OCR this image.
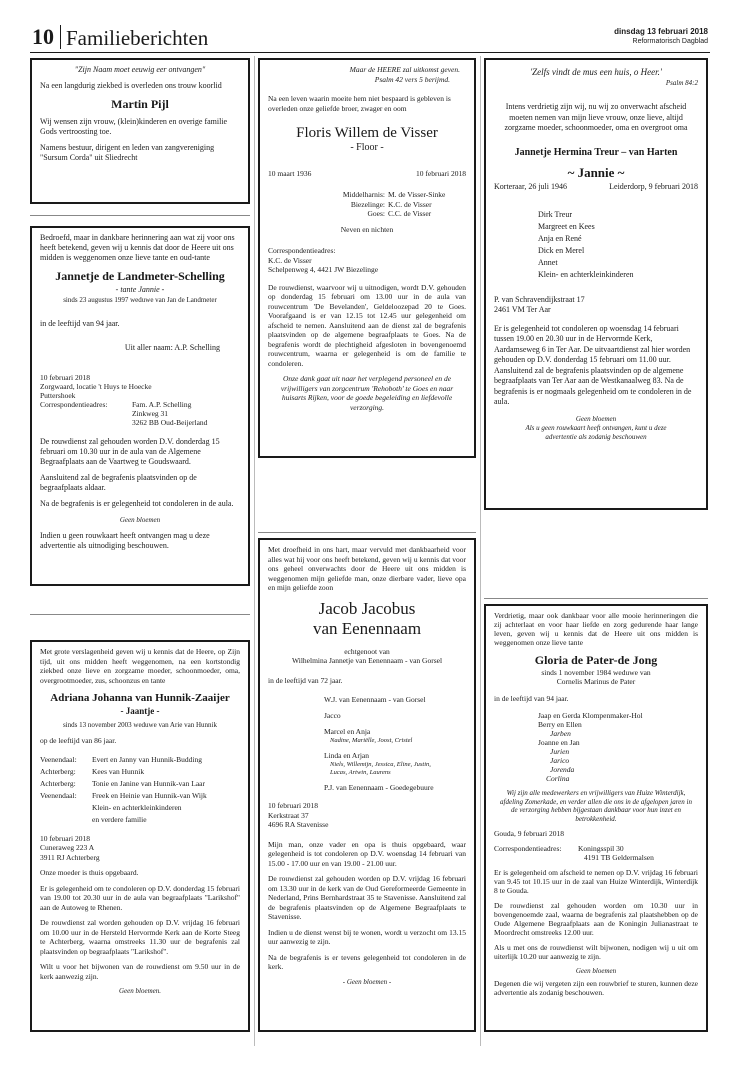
10 Familieberichten	dinsdag 13 februari 2018
Reformatorisch Dagblad

"Zijn Naam moet eeuwig eer ontvangen"

Na een langdurig ziekbed is overleden ons trouw koorlid

Martin Pijl

Wij wensen zijn vrouw, (klein)kinderen en overige familie Gods vertroosting toe.

Namens bestuur, dirigent en leden van zangvereniging "Sursum Corda" uit Sliedrecht

Bedroefd, maar in dankbare herinnering aan wat zij voor ons heeft betekend, geven wij u kennis dat door de Heere uit ons midden is weggenomen onze lieve tante en oud-tante

Jannetje de Landmeter-Schelling
- tante Jannie -

sinds 23 augustus 1997 weduwe van Jan de Landmeter

in de leeftijd van 94 jaar.

Uit aller naam: A.P. Schelling

10 februari 2018
Zorgwaard, locatie 't Huys te Hoecke
Puttershoek
Correspondentieadres:	Fam. A.P. Schelling
Zinkweg 31
3262 BB Oud-Beijerland

De rouwdienst zal gehouden worden D.V. donderdag 15 februari om 10.30 uur in de aula van de Algemene Begraafplaats aan de Vaartweg te Goudswaard.

Aansluitend zal de begrafenis plaatsvinden op de begraafplaats aldaar.

Na de begrafenis is er gelegenheid tot condoleren in de aula.

Geen bloemen

Indien u geen rouwkaart heeft ontvangen mag u deze advertentie als uitnodiging beschouwen.

Maar de HEERE zal uitkomst geven.
Psalm 42 vers 5 berijmd.

Na een leven waarin moeite hem niet bespaard is gebleven is overleden onze geliefde broer, zwager en oom

Floris Willem de Visser
- Floor -
10 maart 1936	10 februari 2018
Middelharnis: M. de Visser-Sinke
Biezelinge: K.C. de Visser
Goes: C.C. de Visser

Neven en nichten

Correspondentieadres:
K.C. de Visser
Schelpenweg 4, 4421 JW Biezelinge

De rouwdienst, waarvoor wij u uitnodigen, wordt D.V. gehouden op donderdag 15 februari om 13.00 uur in de aula van rouwcentrum 'De Bevelanden', Geldeloozepad 20 te Goes. Voorafgaand is er van 12.15 tot 12.45 uur gelegenheid om afscheid te nemen. Aansluitend aan de dienst zal de begrafenis plaatsvinden op de algemene begraafplaats te Goes. Na de begrafenis wordt de plechtigheid afgesloten in bovengenoemd rouwcentrum, waarna er gelegenheid is om de familie te condoleren.

Onze dank gaat uit naar het verplegend personeel en de vrijwilligers van zorgcentrum 'Rehoboth' te Goes en naar huisarts Rijken, voor de goede begeleiding en liefdevolle verzorging.

'Zelfs vindt de mus een huis, o Heer.'
Psalm 84:2

Intens verdrietig zijn wij, nu wij zo onverwacht afscheid moeten nemen van mijn lieve vrouw, onze lieve, altijd zorgzame moeder, schoonmoeder, oma en overgroot oma

Jannetje Hermina Treur – van Harten
~ Jannie ~
Korteraar, 26 juli 1946	Leiderdorp, 9 februari 2018
Dirk Treur
Margreet en Kees
Anja en René
Dick en Merel
Annet
Klein- en achterkleinkinderen
P. van Schravendijkstraat 17
2461 VM Ter Aar

Er is gelegenheid tot condoleren op woensdag 14 februari tussen 19.00 en 20.30 uur in de Hervormde Kerk, Aardamseweg 6 in Ter Aar. De uitvaartdienst zal hier worden gehouden op D.V. donderdag 15 februari om 11.00 uur. Aansluitend zal de begrafenis plaatsvinden op de algemene begraafplaats van Ter Aar aan de Westkanaalweg 83. Na de begrafenis is er nogmaals gelegenheid om te condoleren in de aula.

Geen bloemen
Als u geen rouwkaart heeft ontvangen, kunt u deze advertentie als zodanig beschouwen

Met grote verslagenheid geven wij u kennis dat de Heere, op Zijn tijd, uit ons midden heeft weggenomen, na een kortstondig ziekbed onze lieve en zorgzame moeder, schoonmoeder, oma, overgrootmoeder, zus, schoonzus en tante

Adriana Johanna van Hunnik-Zaaijer
- Jaantje -

sinds 13 november 2003 weduwe van Arie van Hunnik

op de leeftijd van 86 jaar.

Veenendaal:	Evert en Janny van Hunnik-Budding
Achterberg:	Kees van Hunnik
Achterberg:	Tonie en Janine van Hunnik-van Laar
Veenendaal:	Freek en Heinie van Hunnik-van Wijk
Klein- en achterkleinkinderen
en verdere familie
10 februari 2018
Cuneraweg 223 A
3911 RJ Achterberg

Onze moeder is thuis opgebaard.

Er is gelegenheid om te condoleren op D.V. donderdag 15 februari van 19.00 tot 20.30 uur in de aula van begraafplaats "Larikshof" aan de Autoweg te Rhenen.

De rouwdienst zal worden gehouden op D.V. vrijdag 16 februari om 10.00 uur in de Hersteld Hervormde Kerk aan de Korte Steeg te Achterberg, waarna omstreeks 11.30 uur de begrafenis zal plaatsvinden op begraafplaats "Larikshof".

Wilt u voor het bijwonen van de rouwdienst om 9.50 uur in de kerk aanwezig zijn.

Geen bloemen.

Met droefheid in ons hart, maar vervuld met dankbaarheid voor alles wat hij voor ons heeft betekend, geven wij u kennis dat voor ons geheel onverwachts door de Heere uit ons midden is weggenomen mijn geliefde man, onze dierbare vader, lieve opa en mijn geliefde zoon

Jacob Jacobus
van Eenennaam
echtgenoot van
Wilhelmina Jannetje van Eenennaam - van Gorsel

in de leeftijd van 72 jaar.

W.J. van Eenennaam - van Gorsel
Jacco
Marcel en Anja
Nadine, Mariëlle, Joost, Cristel
Linda en Arjan
Niels, Willemijn, Jessica, Eline, Justin,
Lucas, Artwin, Laurens
P.J. van Eenennaam - Goedegebuure
10 februari 2018
Kerkstraat 37
4696 RA Stavenisse

Mijn man, onze vader en opa is thuis opgebaard, waar gelegenheid is tot condoleren op D.V. woensdag 14 februari van 15.00 - 17.00 uur en van 19.00 - 21.00 uur.

De rouwdienst zal gehouden worden op D.V. vrijdag 16 februari om 13.30 uur in de kerk van de Oud Gereformeerde Gemeente in Nederland, Prins Bernhardstraat 35 te Stavenisse. Aansluitend zal de begrafenis plaatsvinden op de Algemene Begraafplaats te Stavenisse.

Indien u de dienst wenst bij te wonen, wordt u verzocht om 13.15 uur aanwezig te zijn.

Na de begrafenis is er tevens gelegenheid tot condoleren in de kerk.

- Geen bloemen -

Verdrietig, maar ook dankbaar voor alle mooie herinneringen die zij achterlaat en voor haar liefde en zorg gedurende haar lange leven, geven wij u kennis dat de Heere uit ons midden is weggenomen onze lieve tante

Gloria de Pater-de Jong
sinds 1 november 1984 weduwe van
Cornelis Marinus de Pater

in de leeftijd van 94 jaar.

Jaap en Gerda Klompenmaker-Hol
Berry en Ellen
Jarben
Joanne en Jan
Jurien
Jarico
Jorenda
Corlina

Wij zijn alle medewerkers en vrijwilligers van Huize Winterdijk, afdeling Zomerkade, en verder allen die ons in de afgelopen jaren in de verzorging hebben bijgestaan dankbaar voor hun inzet en betrokkenheid.

Gouda, 9 februari 2018
Correspondentieadres:	Koningsspil 30
4191 TB Geldermalsen

Er is gelegenheid om afscheid te nemen op D.V. vrijdag 16 februari van 9.45 tot 10.15 uur in de zaal van Huize Winterdijk, Winterdijk 8 te Gouda.

De rouwdienst zal gehouden worden om 10.30 uur in bovengenoemde zaal, waarna de begrafenis zal plaatshebben op de Oude Algemene Begraafplaats aan de Koningin Julianastraat te Moordrecht omstreeks 12.00 uur.

Als u met ons de rouwdienst wilt bijwonen, nodigen wij u uit om uiterlijk 10.20 uur aanwezig te zijn.

Geen bloemen

Degenen die wij vergeten zijn een rouwbrief te sturen, kunnen deze advertentie als zodanig beschouwen.
